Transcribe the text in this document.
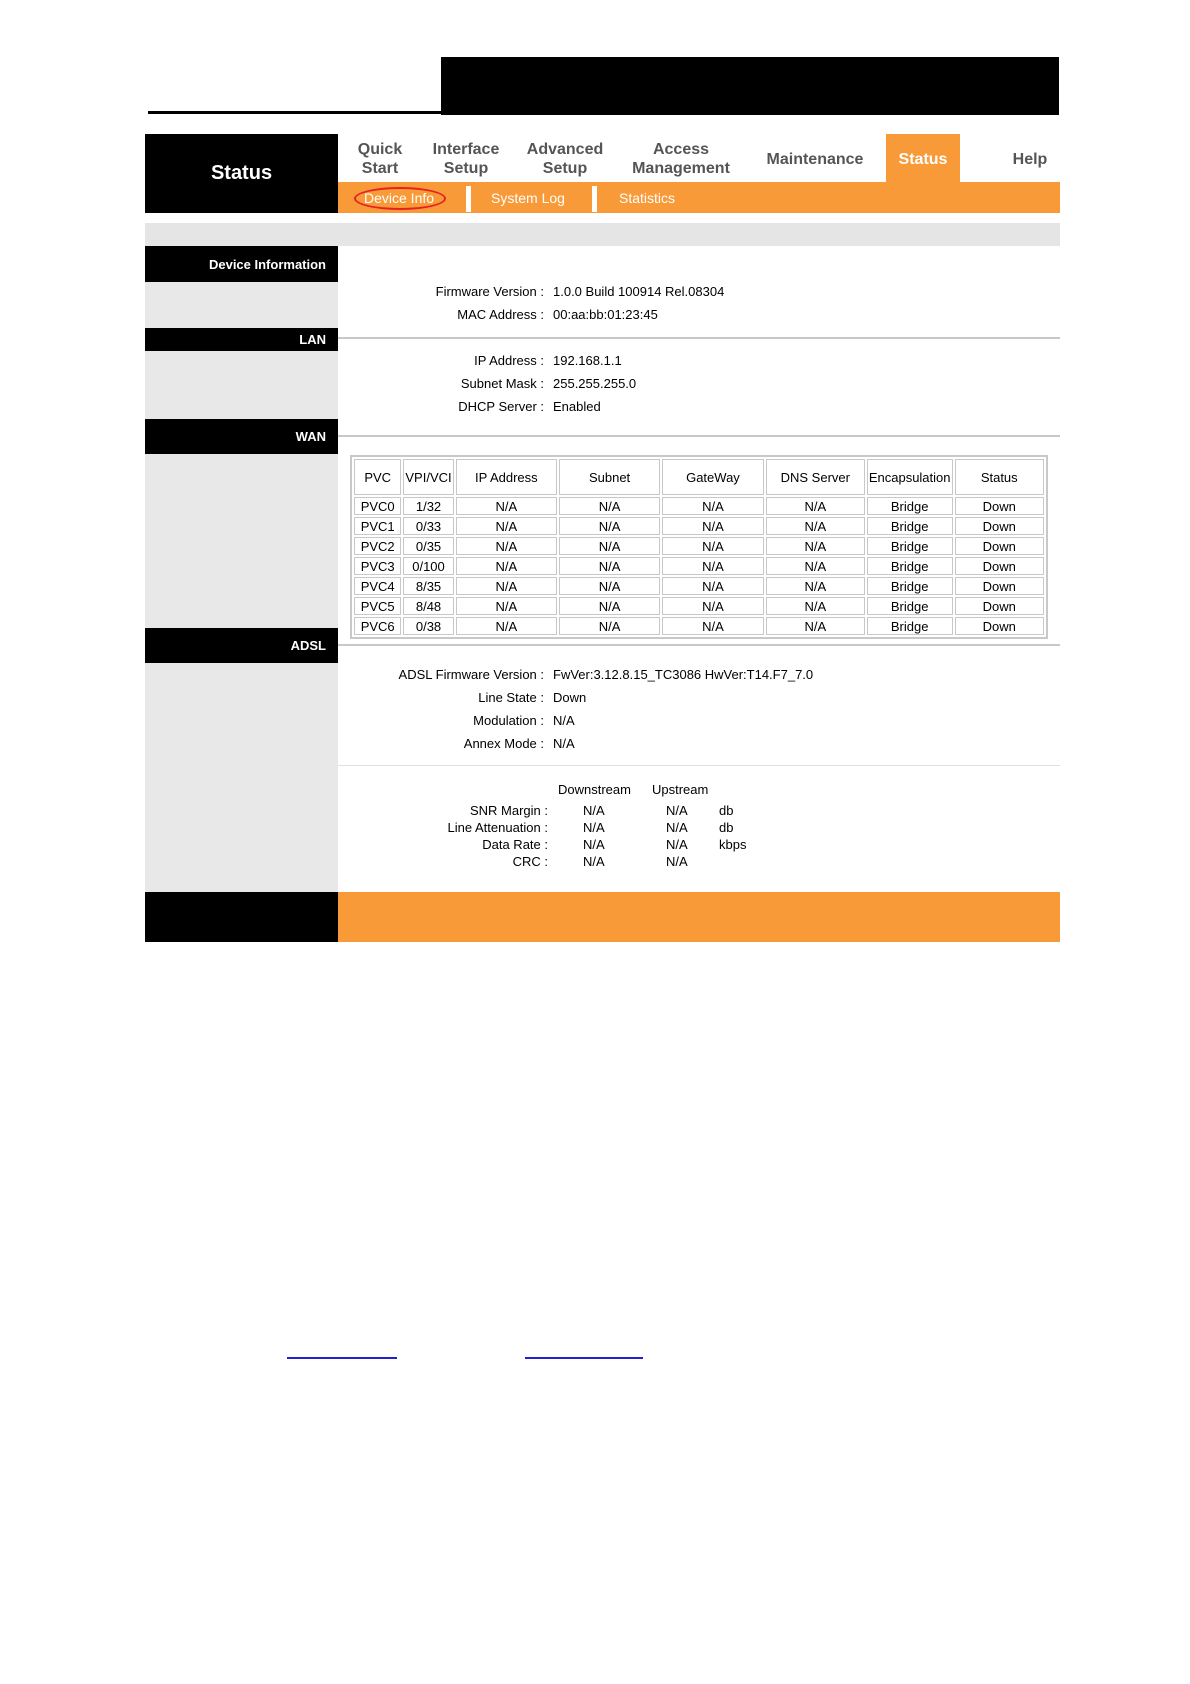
Status
Quick
Start
Interface
Setup
Advanced
Setup
Access
Management
Maintenance	Status	Help
Device Info	System Log	Statistics
Device Information
LAN
WAN
ADSL
Firmware Version : 1.0.0 Build 100914 Rel.08304
MAC Address : 00:aa:bb:01:23:45
IP Address : 192.168.1.1
Subnet Mask : 255.255.255.0
DHCP Server : Enabled
PVC	VPI/VCI	IP Address	Subnet	GateWay	DNS Server	Encapsulation	Status
PVC0	1/32	N/A	N/A	N/A	N/A	Bridge	Down
PVC1	0/33	N/A	N/A	N/A	N/A	Bridge	Down
PVC2	0/35	N/A	N/A	N/A	N/A	Bridge	Down
PVC3	0/100	N/A	N/A	N/A	N/A	Bridge	Down
PVC4	8/35	N/A	N/A	N/A	N/A	Bridge	Down
PVC5	8/48	N/A	N/A	N/A	N/A	Bridge	Down
PVC6	0/38	N/A	N/A	N/A	N/A	Bridge	Down
ADSL Firmware Version : FwVer:3.12.8.15_TC3086 HwVer:T14.F7_7.0
Line State : Down
Modulation : N/A
Annex Mode : N/A
Downstream Upstream
SNR Margin :	N/A	N/A db
Line Attenuation :	N/A	N/A db
Data Rate :	N/A	N/A kbps
CRC :	N/A	N/A
